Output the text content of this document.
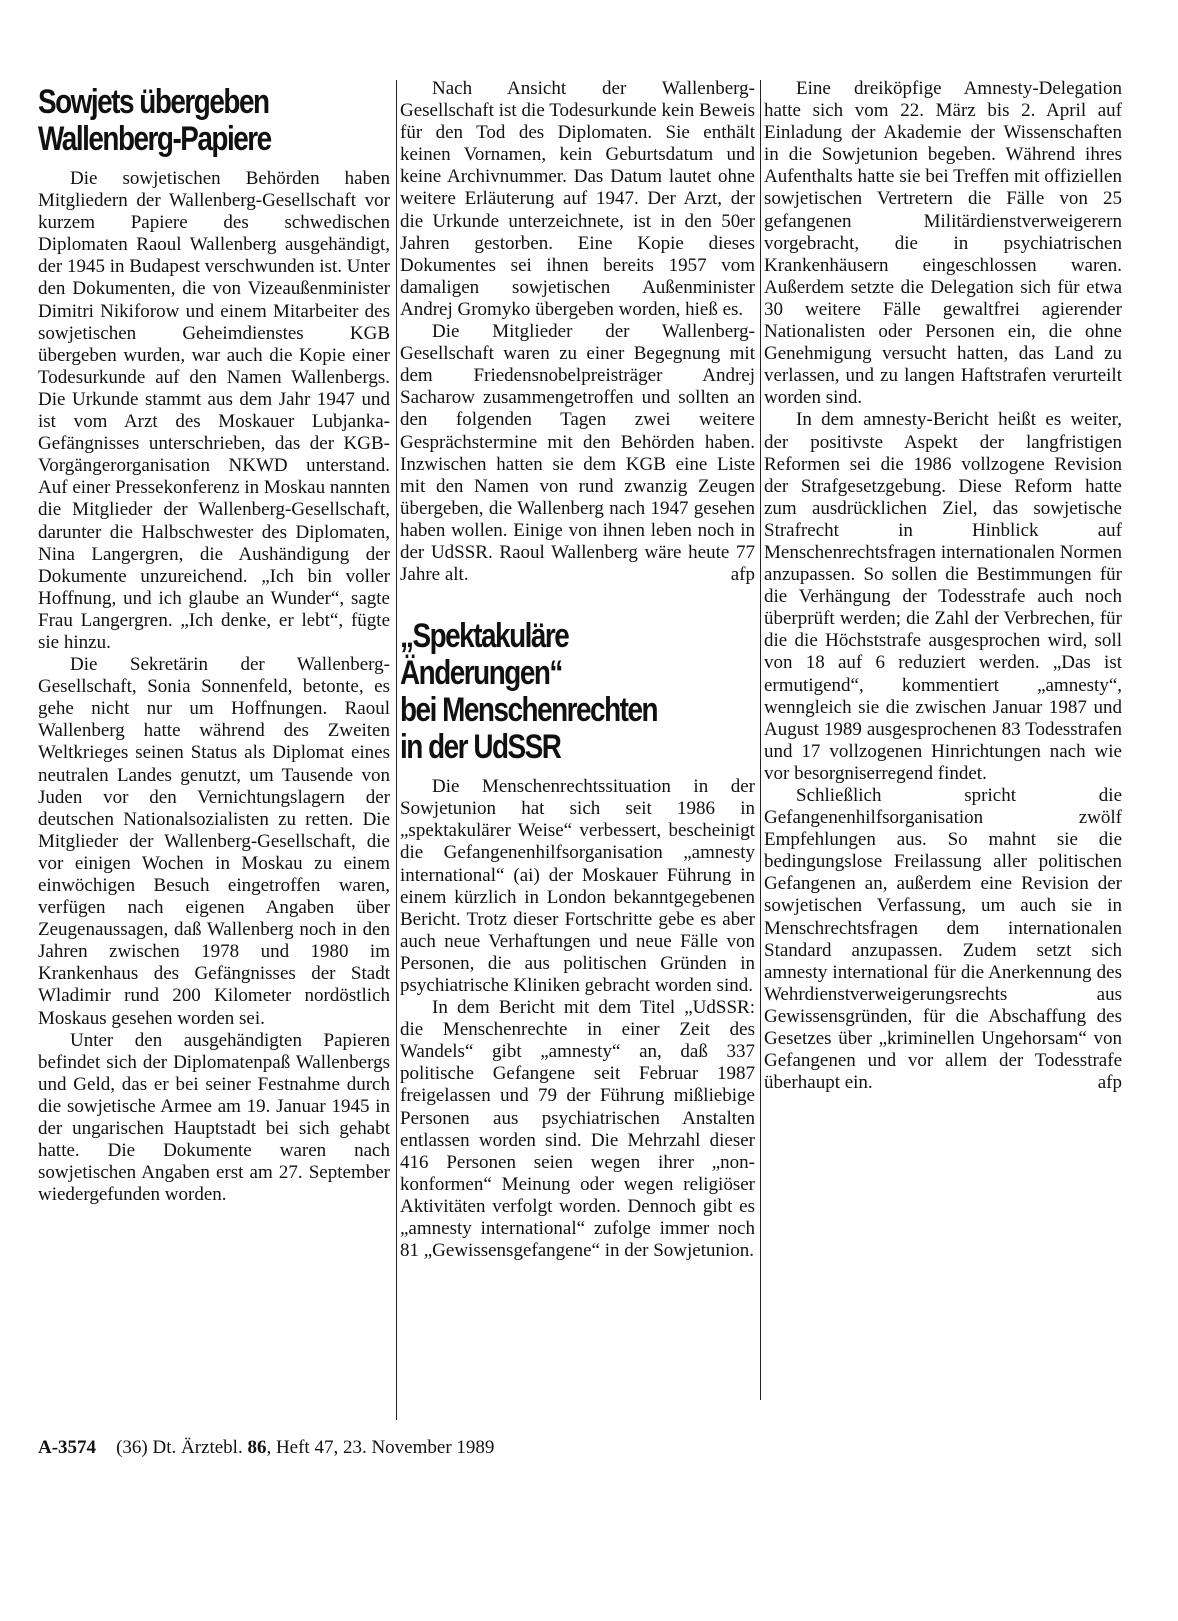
Sowjets übergeben
Wallenberg-Papiere

Die sowjetischen Behörden haben Mitgliedern der Wallenberg-Gesellschaft vor kurzem Papiere des schwedischen Diplomaten Raoul Wallenberg ausgehändigt, der 1945 in Budapest verschwunden ist. Unter den Dokumenten, die von Vizeaußenminister Dimitri Nikiforow und einem Mitarbeiter des sowjetischen Geheimdienstes KGB übergeben wurden, war auch die Kopie einer Todesurkunde auf den Namen Wallenbergs. Die Urkunde stammt aus dem Jahr 1947 und ist vom Arzt des Moskauer Lubjanka-Gefängnisses unterschrieben, das der KGB-Vorgängerorganisation NKWD unterstand. Auf einer Pressekonferenz in Moskau nannten die Mitglieder der Wallenberg-Gesellschaft, darunter die Halbschwester des Diplomaten, Nina Langergren, die Aushändigung der Dokumente unzureichend. „Ich bin voller Hoffnung, und ich glaube an Wunder“, sagte Frau Langergren. „Ich denke, er lebt“, fügte sie hinzu.

Die Sekretärin der Wallenberg-Gesellschaft, Sonia Sonnenfeld, betonte, es gehe nicht nur um Hoffnungen. Raoul Wallenberg hatte während des Zweiten Weltkrieges seinen Status als Diplomat eines neutralen Landes genutzt, um Tausende von Juden vor den Vernichtungslagern der deutschen Nationalsozialisten zu retten. Die Mitglieder der Wallenberg-Gesellschaft, die vor einigen Wochen in Moskau zu einem einwöchigen Besuch eingetroffen waren, verfügen nach eigenen Angaben über Zeugenaussagen, daß Wallenberg noch in den Jahren zwischen 1978 und 1980 im Krankenhaus des Gefängnisses der Stadt Wladimir rund 200 Kilometer nordöstlich Moskaus gesehen worden sei.

Unter den ausgehändigten Papieren befindet sich der Diplomatenpaß Wallenbergs und Geld, das er bei seiner Festnahme durch die sowjetische Armee am 19. Januar 1945 in der ungarischen Hauptstadt bei sich gehabt hatte. Die Dokumente waren nach sowjetischen Angaben erst am 27. September wiedergefunden worden.

Nach Ansicht der Wallenberg-Gesellschaft ist die Todesurkunde kein Beweis für den Tod des Diplomaten. Sie enthält keinen Vornamen, kein Geburtsdatum und keine Archivnummer. Das Datum lautet ohne weitere Erläuterung auf 1947. Der Arzt, der die Urkunde unterzeichnete, ist in den 50er Jahren gestorben. Eine Kopie dieses Dokumentes sei ihnen bereits 1957 vom damaligen sowjetischen Außenminister Andrej Gromyko übergeben worden, hieß es.

Die Mitglieder der Wallenberg-Gesellschaft waren zu einer Begegnung mit dem Friedensnobelpreisträger Andrej Sacharow zusammengetroffen und sollten an den folgenden Tagen zwei weitere Gesprächstermine mit den Behörden haben. Inzwischen hatten sie dem KGB eine Liste mit den Namen von rund zwanzig Zeugen übergeben, die Wallenberg nach 1947 gesehen haben wollen. Einige von ihnen leben noch in der UdSSR. Raoul Wallenberg wäre heute 77 Jahre alt.	afp

„Spektakuläre
Änderungen“
bei Menschenrechten
in der UdSSR

Die Menschenrechtssituation in der Sowjetunion hat sich seit 1986 in „spektakulärer Weise“ verbessert, bescheinigt die Gefangenenhilfsorganisation „amnesty international“ (ai) der Moskauer Führung in einem kürzlich in London bekanntgegebenen Bericht. Trotz dieser Fortschritte gebe es aber auch neue Verhaftungen und neue Fälle von Personen, die aus politischen Gründen in psychiatrische Kliniken gebracht worden sind.

In dem Bericht mit dem Titel „UdSSR: die Menschenrechte in einer Zeit des Wandels“ gibt „amnesty“ an, daß 337 politische Gefangene seit Februar 1987 freigelassen und 79 der Führung mißliebige Personen aus psychiatrischen Anstalten entlassen worden sind. Die Mehrzahl dieser 416 Personen seien wegen ihrer „non-konformen“ Meinung oder wegen religiöser Aktivitäten verfolgt worden. Dennoch gibt es „amnesty international“ zufolge immer noch 81 „Gewissensgefangene“ in der Sowjetunion.

Eine dreiköpfige Amnesty-Delegation hatte sich vom 22. März bis 2. April auf Einladung der Akademie der Wissenschaften in die Sowjetunion begeben. Während ihres Aufenthalts hatte sie bei Treffen mit offiziellen sowjetischen Vertretern die Fälle von 25 gefangenen Militärdienstverweigerern vorgebracht, die in psychiatrischen Krankenhäusern eingeschlossen waren. Außerdem setzte die Delegation sich für etwa 30 weitere Fälle gewaltfrei agierender Nationalisten oder Personen ein, die ohne Genehmigung versucht hatten, das Land zu verlassen, und zu langen Haftstrafen verurteilt worden sind.

In dem amnesty-Bericht heißt es weiter, der positivste Aspekt der langfristigen Reformen sei die 1986 vollzogene Revision der Strafgesetzgebung. Diese Reform hatte zum ausdrücklichen Ziel, das sowjetische Strafrecht in Hinblick auf Menschenrechtsfragen internationalen Normen anzupassen. So sollen die Bestimmungen für die Verhängung der Todesstrafe auch noch überprüft werden; die Zahl der Verbrechen, für die die Höchststrafe ausgesprochen wird, soll von 18 auf 6 reduziert werden. „Das ist ermutigend“, kommentiert „amnesty“, wenngleich sie die zwischen Januar 1987 und August 1989 ausgesprochenen 83 Todesstrafen und 17 vollzogenen Hinrichtungen nach wie vor besorgniserregend findet.

Schließlich spricht die Gefangenenhilfsorganisation zwölf Empfehlungen aus. So mahnt sie die bedingungslose Freilassung aller politischen Gefangenen an, außerdem eine Revision der sowjetischen Verfassung, um auch sie in Menschrechtsfragen dem internationalen Standard anzupassen. Zudem setzt sich amnesty international für die Anerkennung des Wehrdienstverweigerungsrechts aus Gewissensgründen, für die Abschaffung des Gesetzes über „kriminellen Ungehorsam“ von Gefangenen und vor allem der Todesstrafe überhaupt ein.	afp

A-3574 (36) Dt. Ärztebl. 86, Heft 47, 23. November 1989
